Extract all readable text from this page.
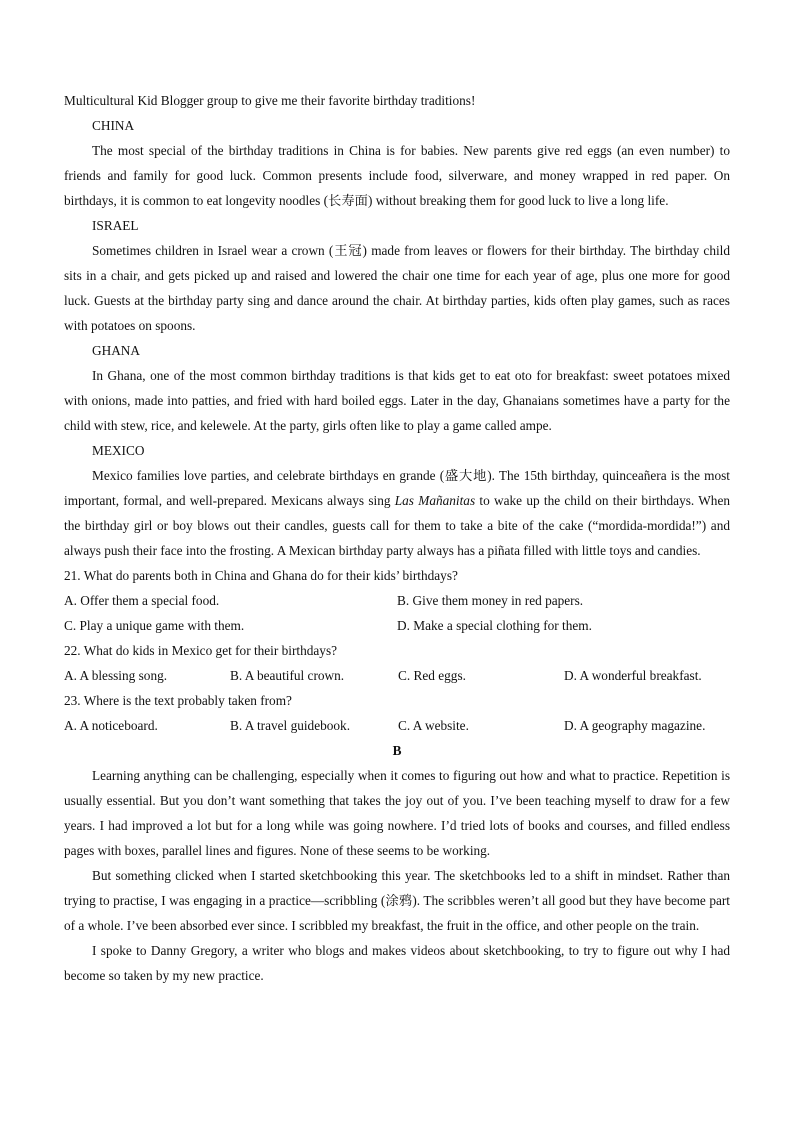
Multicultural Kid Blogger group to give me their favorite birthday traditions!

CHINA

The most special of the birthday traditions in China is for babies. New parents give red eggs (an even number) to friends and family for good luck. Common presents include food, silverware, and money wrapped in red paper. On birthdays, it is common to eat longevity noodles (长寿面) without breaking them for good luck to live a long life.

ISRAEL

Sometimes children in Israel wear a crown (王冠) made from leaves or flowers for their birthday. The birthday child sits in a chair, and gets picked up and raised and lowered the chair one time for each year of age, plus one more for good luck. Guests at the birthday party sing and dance around the chair. At birthday parties, kids often play games, such as races with potatoes on spoons.

GHANA

In Ghana, one of the most common birthday traditions is that kids get to eat oto for breakfast: sweet potatoes mixed with onions, made into patties, and fried with hard boiled eggs. Later in the day, Ghanaians sometimes have a party for the child with stew, rice, and kelewele. At the party, girls often like to play a game called ampe.

MEXICO

Mexico families love parties, and celebrate birthdays en grande (盛大地). The 15th birthday, quinceañera is the most important, formal, and well-prepared. Mexicans always sing Las Mañanitas to wake up the child on their birthdays. When the birthday girl or boy blows out their candles, guests call for them to take a bite of the cake (“mordida-mordida!”) and always push their face into the frosting. A Mexican birthday party always has a piñata filled with little toys and candies.

21. What do parents both in China and Ghana do for their kids’ birthdays?

A. Offer them a special food.	B. Give them money in red papers.
C. Play a unique game with them.	D. Make a special clothing for them.

22. What do kids in Mexico get for their birthdays?

A. A blessing song.	B. A beautiful crown.	C. Red eggs.	D. A wonderful breakfast.

23. Where is the text probably taken from?

A. A noticeboard.	B. A travel guidebook.	C. A website.	D. A geography magazine.

B

Learning anything can be challenging, especially when it comes to figuring out how and what to practice. Repetition is usually essential. But you don’t want something that takes the joy out of you. I’ve been teaching myself to draw for a few years. I had improved a lot but for a long while was going nowhere. I’d tried lots of books and courses, and filled endless pages with boxes, parallel lines and figures. None of these seems to be working.

But something clicked when I started sketchbooking this year. The sketchbooks led to a shift in mindset. Rather than trying to practise, I was engaging in a practice—scribbling (涂鸦). The scribbles weren’t all good but they have become part of a whole. I’ve been absorbed ever since. I scribbled my breakfast, the fruit in the office, and other people on the train.

I spoke to Danny Gregory, a writer who blogs and makes videos about sketchbooking, to try to figure out why I had become so taken by my new practice.
